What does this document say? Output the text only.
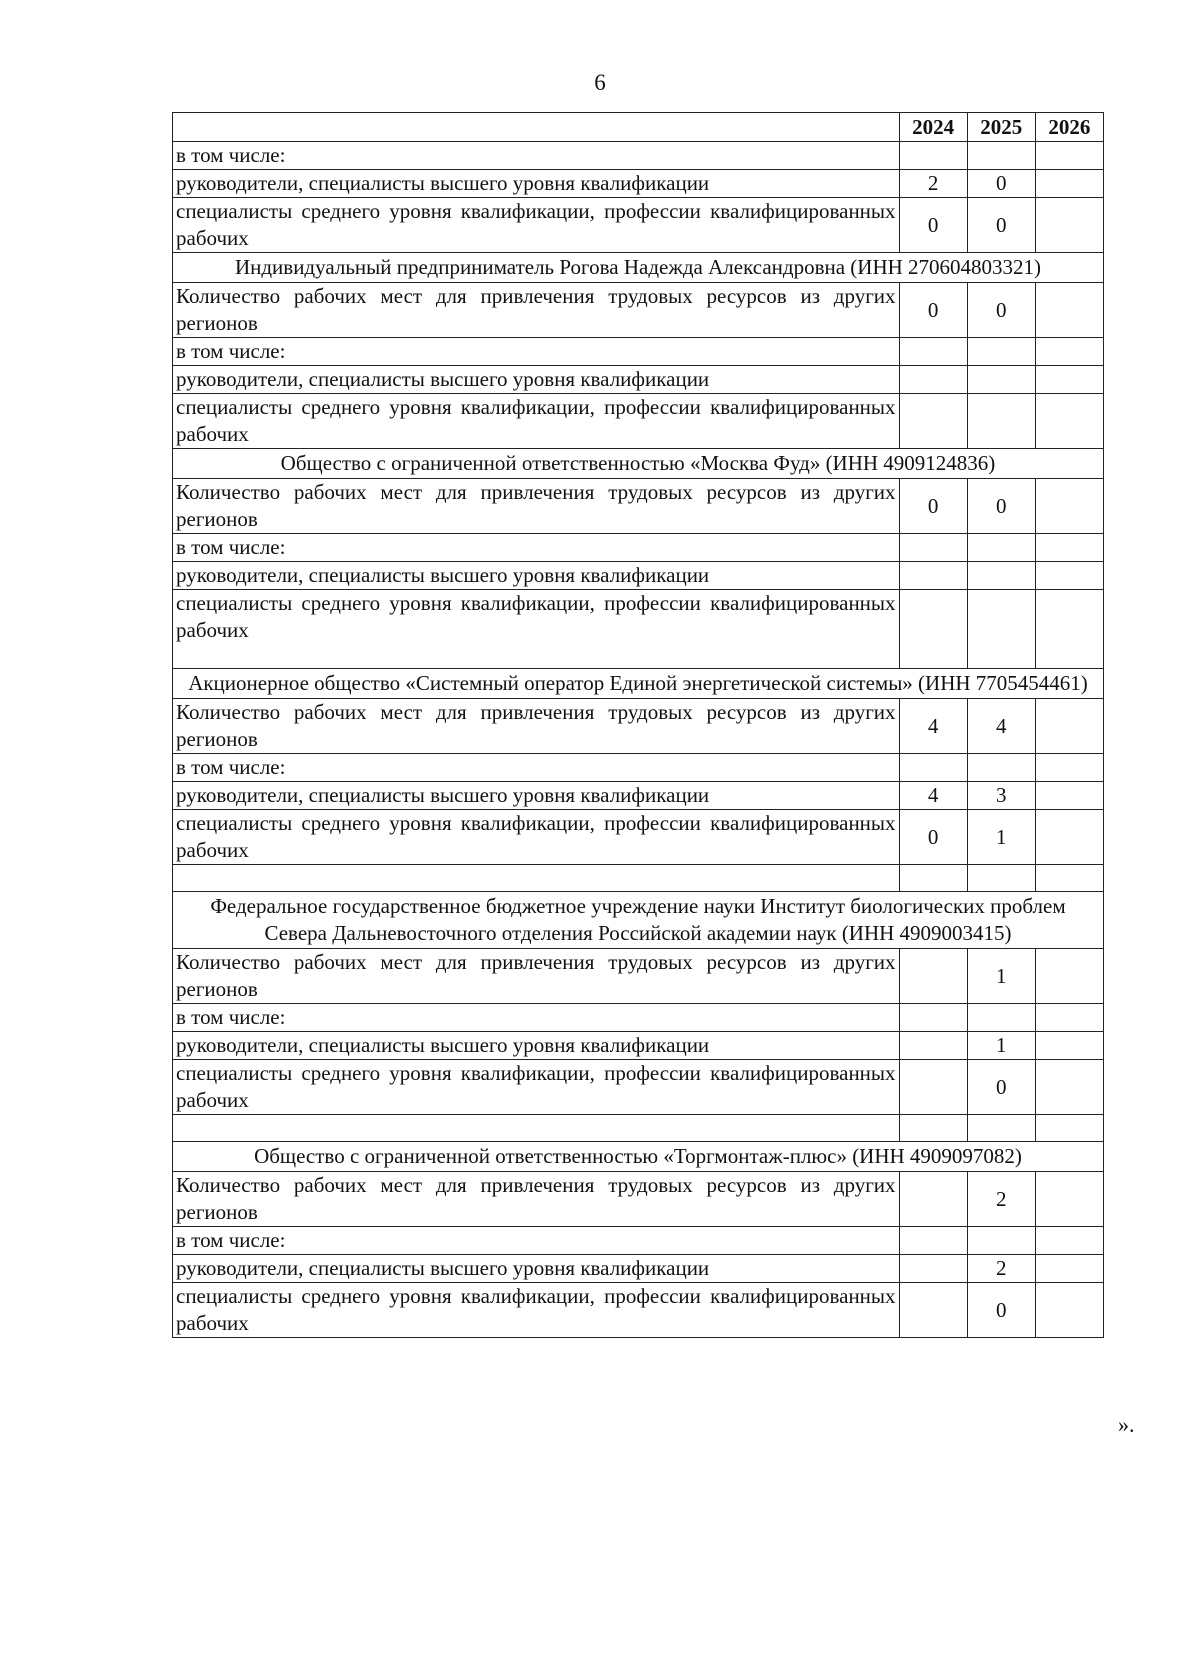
6
	2024	2025	2026
в том числе:			
руководители, специалисты высшего уровня квалификации	2	0	
специалисты среднего уровня квалификации, профессии квалифицированных рабочих	0	0	
Индивидуальный предприниматель Рогова Надежда Александровна (ИНН 270604803321)			
Количество рабочих мест для привлечения трудовых ресурсов из других регионов	0	0	
в том числе:			
руководители, специалисты высшего уровня квалификации			
специалисты среднего уровня квалификации, профессии квалифицированных рабочих			
Общество с ограниченной ответственностью «Москва Фуд» (ИНН 4909124836)			
Количество рабочих мест для привлечения трудовых ресурсов из других регионов	0	0	
в том числе:			
руководители, специалисты высшего уровня квалификации			
специалисты среднего уровня квалификации, профессии квалифицированных рабочих			
Акционерное общество «Системный оператор Единой энергетической системы» (ИНН 7705454461)			
Количество рабочих мест для привлечения трудовых ресурсов из других регионов	4	4	
в том числе:			
руководители, специалисты высшего уровня квалификации	4	3	
специалисты среднего уровня квалификации, профессии квалифицированных рабочих	0	1	

Федеральное государственное бюджетное учреждение науки Институт биологических проблем Севера Дальневосточного отделения Российской академии наук (ИНН 4909003415)			
Количество рабочих мест для привлечения трудовых ресурсов из других регионов		1	
в том числе:			
руководители, специалисты высшего уровня квалификации		1	
специалисты среднего уровня квалификации, профессии квалифицированных рабочих		0	

Общество с ограниченной ответственностью «Торгмонтаж-плюс» (ИНН 4909097082)			
Количество рабочих мест для привлечения трудовых ресурсов из других регионов		2	
в том числе:			
руководители, специалисты высшего уровня квалификации		2	
специалисты среднего уровня квалификации, профессии квалифицированных рабочих		0	
».
